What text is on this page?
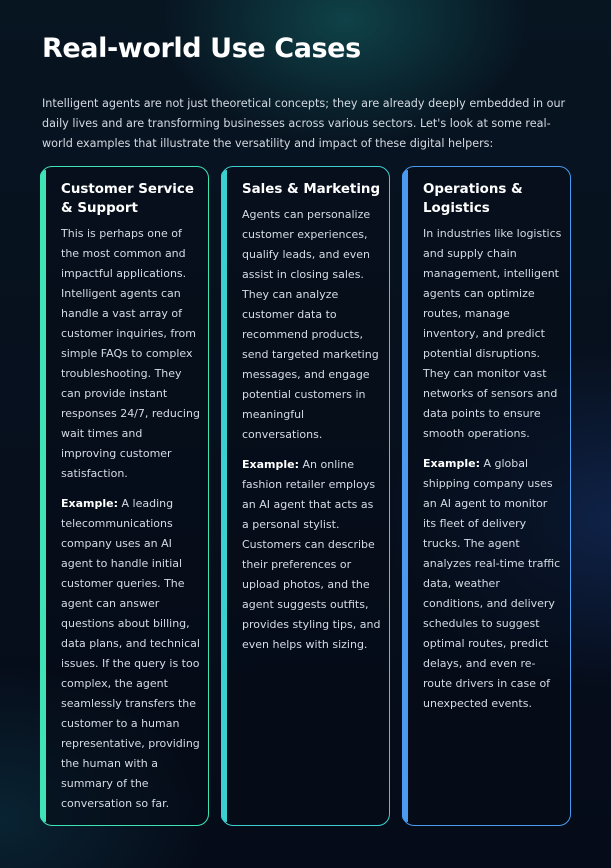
Real-world Use Cases

Intelligent agents are not just theoretical concepts; they are already deeply embedded in our daily lives and are transforming businesses across various sectors. Let's look at some real-world examples that illustrate the versatility and impact of these digital helpers:

Customer Service & Support

This is perhaps one of the most common and impactful applications. Intelligent agents can handle a vast array of customer inquiries, from simple FAQs to complex troubleshooting. They can provide instant responses 24/7, reducing wait times and improving customer satisfaction.

Example: A leading telecommunications company uses an AI agent to handle initial customer queries. The agent can answer questions about billing, data plans, and technical issues. If the query is too complex, the agent seamlessly transfers the customer to a human representative, providing the human with a summary of the conversation so far.

Sales & Marketing

Agents can personalize customer experiences, qualify leads, and even assist in closing sales. They can analyze customer data to recommend products, send targeted marketing messages, and engage potential customers in meaningful conversations.

Example: An online fashion retailer employs an AI agent that acts as a personal stylist. Customers can describe their preferences or upload photos, and the agent suggests outfits, provides styling tips, and even helps with sizing.

Operations & Logistics

In industries like logistics and supply chain management, intelligent agents can optimize routes, manage inventory, and predict potential disruptions. They can monitor vast networks of sensors and data points to ensure smooth operations.

Example: A global shipping company uses an AI agent to monitor its fleet of delivery trucks. The agent analyzes real-time traffic data, weather conditions, and delivery schedules to suggest optimal routes, predict delays, and even re-route drivers in case of unexpected events.
